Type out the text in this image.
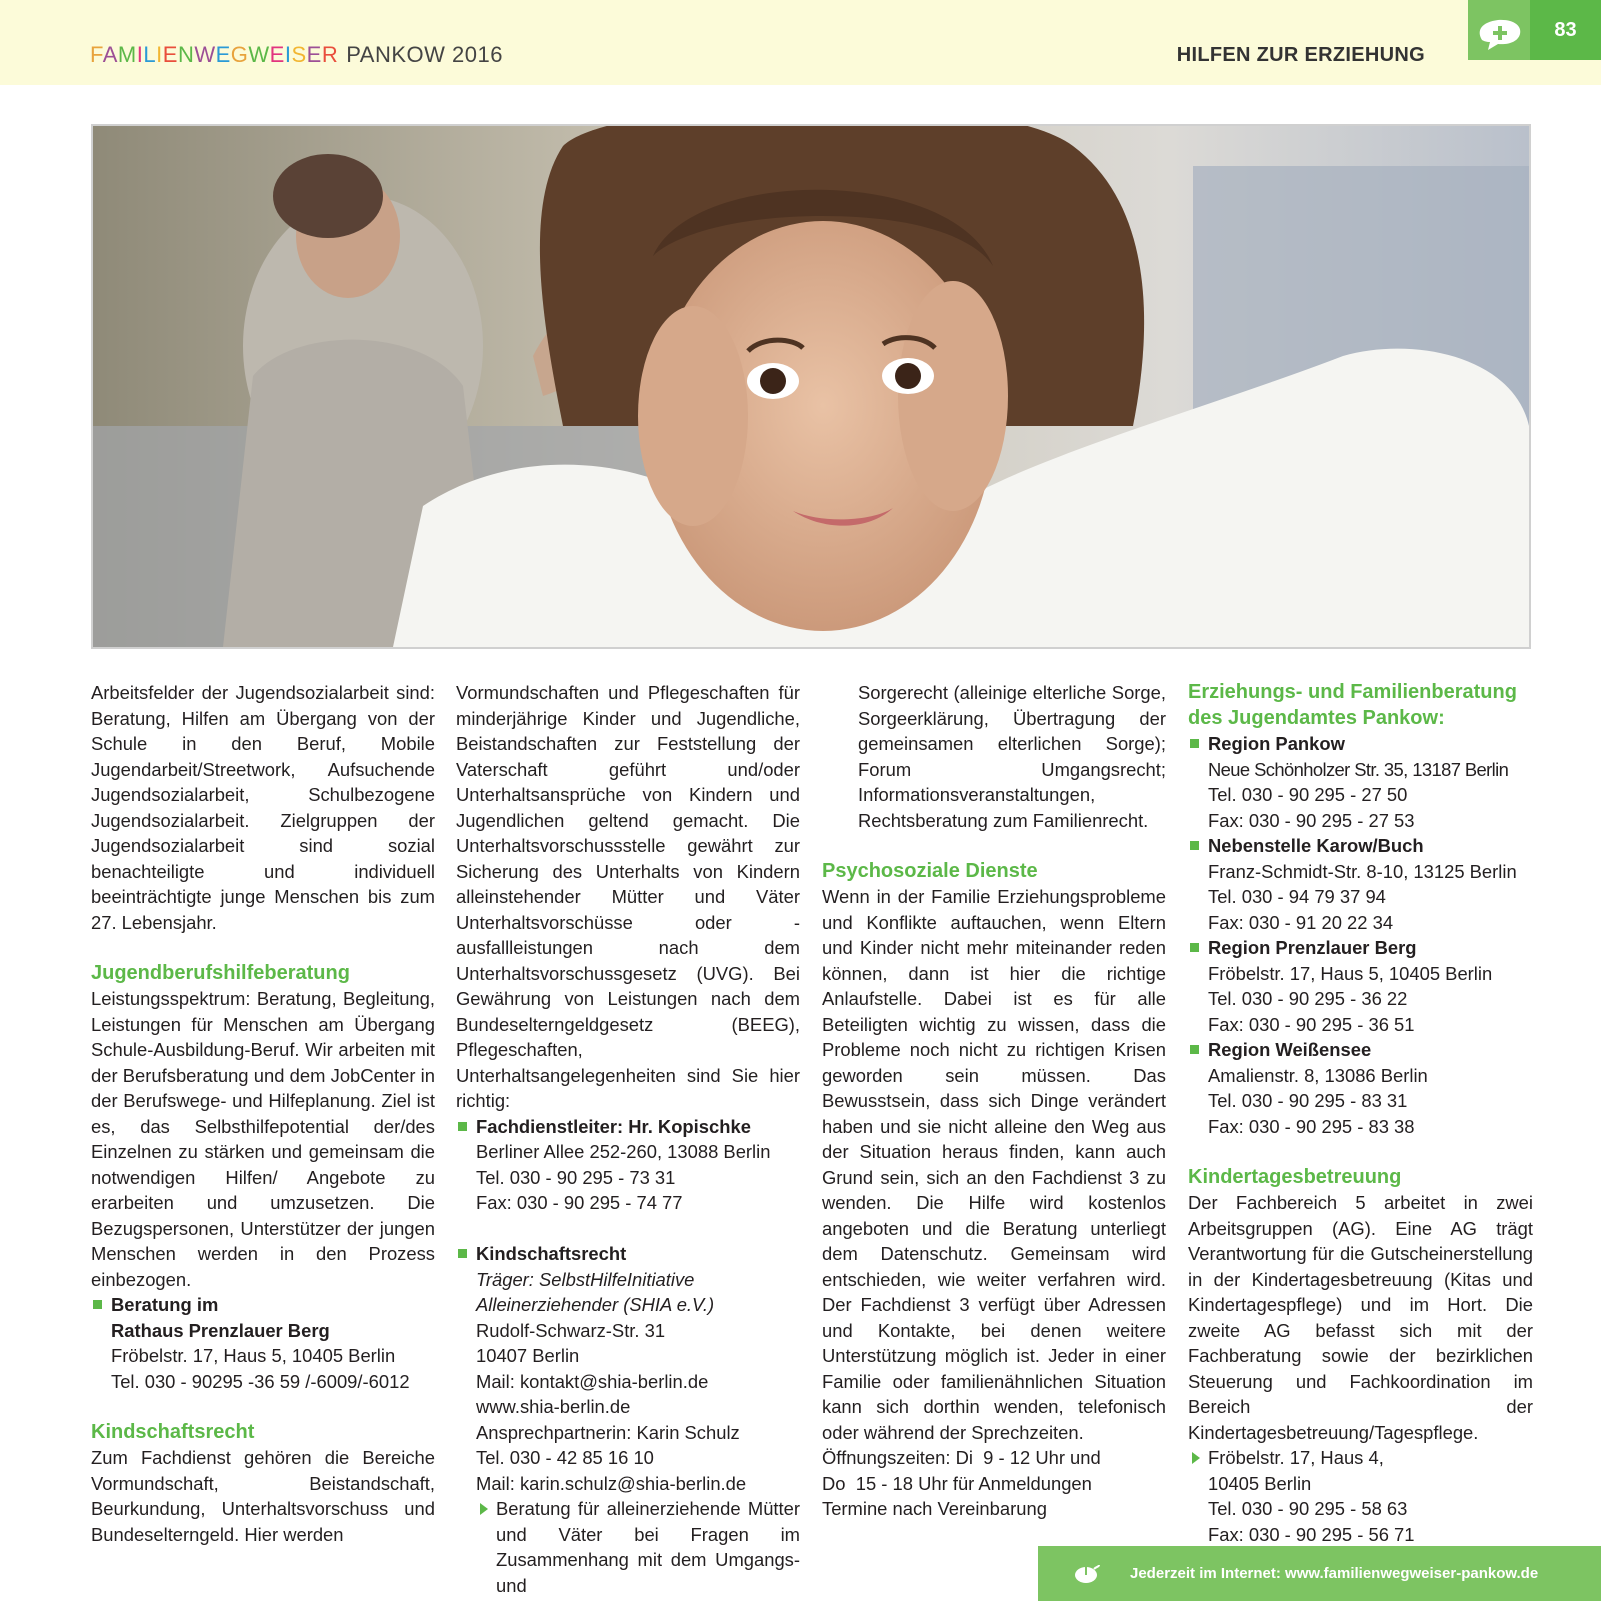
FAMILIENWEGWEISER PANKOW 2016	HILFEN ZUR ERZIEHUNG
83

Arbeitsfelder der Jugendsozialarbeit sind: Beratung, Hilfen am Übergang von der Schule in den Beruf, Mobile Jugendarbeit/Streetwork, Aufsuchende Jugendsozialarbeit, Schulbezogene Jugendsozialarbeit. Zielgruppen der Jugendsozialarbeit sind sozial benachteiligte und individuell beeinträchtigte junge Menschen bis zum 27. Lebensjahr.

Jugendberufshilfeberatung

Leistungsspektrum: Beratung, Begleitung, Leistungen für Menschen am Übergang Schule-Ausbildung-Beruf. Wir arbeiten mit der Berufsberatung und dem JobCenter in der Berufswege- und Hilfeplanung. Ziel ist es, das Selbsthilfepotential der/des Einzelnen zu stärken und gemeinsam die notwendigen Hilfen/ Angebote zu erarbeiten und umzusetzen. Die Bezugspersonen, Unterstützer der jungen Menschen werden in den Prozess einbezogen.

Beratung im
Rathaus Prenzlauer Berg
Fröbelstr. 17, Haus 5, 10405 Berlin
Tel. 030 - 90295 -36 59 /-6009/-6012
Kindschaftsrecht

Zum Fachdienst gehören die Bereiche Vormundschaft, Beistandschaft, Beurkundung, Unterhaltsvorschuss und Bundeselterngeld. Hier werden

Vormundschaften und Pflegeschaften für minderjährige Kinder und Jugendliche, Beistandschaften zur Feststellung der Vaterschaft geführt und/oder Unterhaltsansprüche von Kindern und Jugendlichen geltend gemacht. Die Unterhaltsvorschussstelle gewährt zur Sicherung des Unterhalts von Kindern alleinstehender Mütter und Väter Unterhaltsvorschüsse oder -ausfallleistungen nach dem Unterhaltsvorschussgesetz (UVG). Bei Gewährung von Leistungen nach dem Bundeselterngeldgesetz (BEEG), Pflegeschaften, Unterhaltsangelegenheiten sind Sie hier richtig:

Fachdienstleiter: Hr. Kopischke
Berliner Allee 252-260, 13088 Berlin
Tel. 030 - 90 295 - 73 31
Fax: 030 - 90 295 - 74 77
Kindschaftsrecht
Träger: SelbstHilfeInitiative
Alleinerziehender (SHIA e.V.)
Rudolf-Schwarz-Str. 31
10407 Berlin
Mail: kontakt@shia-berlin.de
www.shia-berlin.de
Ansprechpartnerin: Karin Schulz
Tel. 030 - 42 85 16 10
Mail: karin.schulz@shia-berlin.de

Beratung für alleinerziehende Mütter und Väter bei Fragen im Zusammenhang mit dem Umgangs- und

Sorgerecht (alleinige elterliche Sorge, Sorgeerklärung, Übertragung der gemeinsamen elterlichen Sorge); Forum Umgangsrecht; Informationsveranstaltungen, Rechtsberatung zum Familienrecht.

Psychosoziale Dienste

Wenn in der Familie Erziehungsprobleme und Konflikte auftauchen, wenn Eltern und Kinder nicht mehr miteinander reden können, dann ist hier die richtige Anlaufstelle. Dabei ist es für alle Beteiligten wichtig zu wissen, dass die Probleme noch nicht zu richtigen Krisen geworden sein müssen. Das Bewusstsein, dass sich Dinge verändert haben und sie nicht alleine den Weg aus der Situation heraus finden, kann auch Grund sein, sich an den Fachdienst 3 zu wenden. Die Hilfe wird kostenlos angeboten und die Beratung unterliegt dem Datenschutz. Gemeinsam wird entschieden, wie weiter verfahren wird. Der Fachdienst 3 verfügt über Adressen und Kontakte, bei denen weitere Unterstützung möglich ist. Jeder in einer Familie oder familienähnlichen Situation kann sich dorthin wenden, telefonisch oder während der Sprechzeiten.

Öffnungszeiten: Di  9 - 12 Uhr und
Do  15 - 18 Uhr für Anmeldungen
Termine nach Vereinbarung
Erziehungs- und Familienberatung des Jugendamtes Pankow:
Region Pankow
Neue Schönholzer Str. 35, 13187 Berlin
Tel. 030 - 90 295 - 27 50
Fax: 030 - 90 295 - 27 53
Nebenstelle Karow/Buch
Franz-Schmidt-Str. 8-10, 13125 Berlin
Tel. 030 - 94 79 37 94
Fax: 030 - 91 20 22 34
Region Prenzlauer Berg
Fröbelstr. 17, Haus 5, 10405 Berlin
Tel. 030 - 90 295 - 36 22
Fax: 030 - 90 295 - 36 51
Region Weißensee
Amalienstr. 8, 13086 Berlin
Tel. 030 - 90 295 - 83 31
Fax: 030 - 90 295 - 83 38
Kindertagesbetreuung

Der Fachbereich 5 arbeitet in zwei Arbeitsgruppen (AG). Eine AG trägt Verantwortung für die Gutscheinerstellung in der Kindertagesbetreuung (Kitas und Kindertagespflege) und im Hort. Die zweite AG befasst sich mit der Fachberatung sowie der bezirklichen Steuerung und Fachkoordination im Bereich der Kindertagesbetreuung/Tagespflege.

Fröbelstr. 17, Haus 4,
10405 Berlin
Tel. 030 - 90 295 - 58 63
Fax: 030 - 90 295 - 56 71
Jederzeit im Internet: www.familienwegweiser-pankow.de
